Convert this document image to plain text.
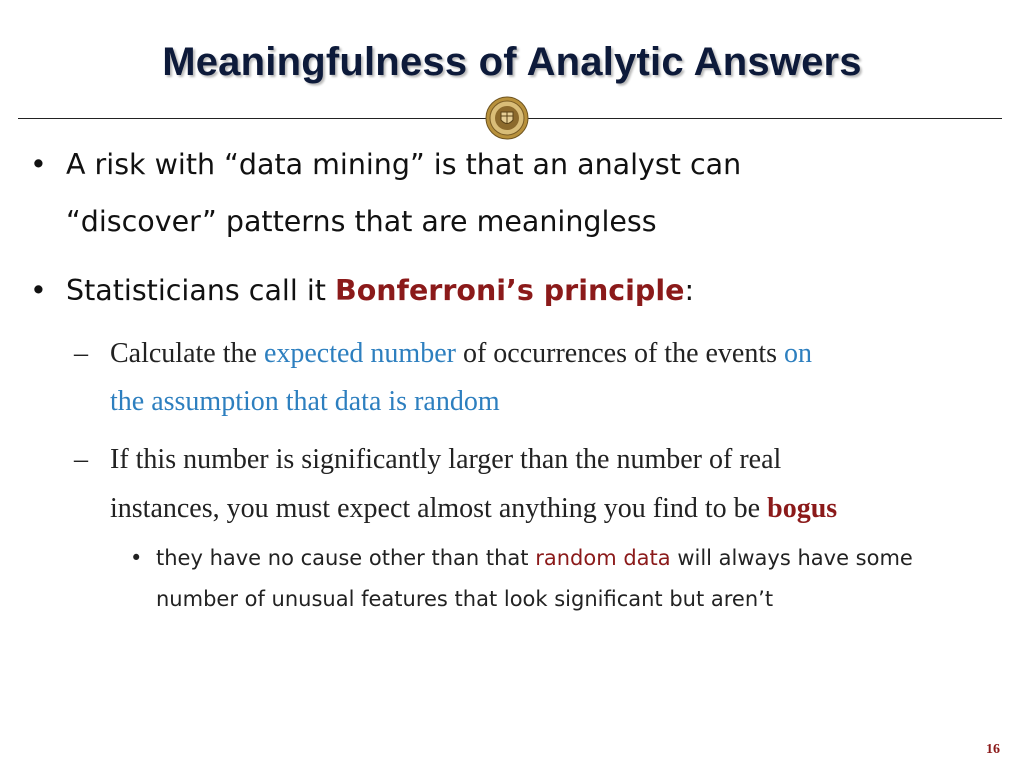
Meaningfulness of Analytic Answers
• A risk with “data mining” is that an analyst can
“discover” patterns that are meaningless
• Statisticians call it Bonferroni’s principle:
– Calculate the expected number of occurrences of the events on
the assumption that data is random
– If this number is significantly larger than the number of real
instances, you must expect almost anything you find to be bogus
• they have no cause other than that random data will always have some
number of unusual features that look significant but aren’t
16
